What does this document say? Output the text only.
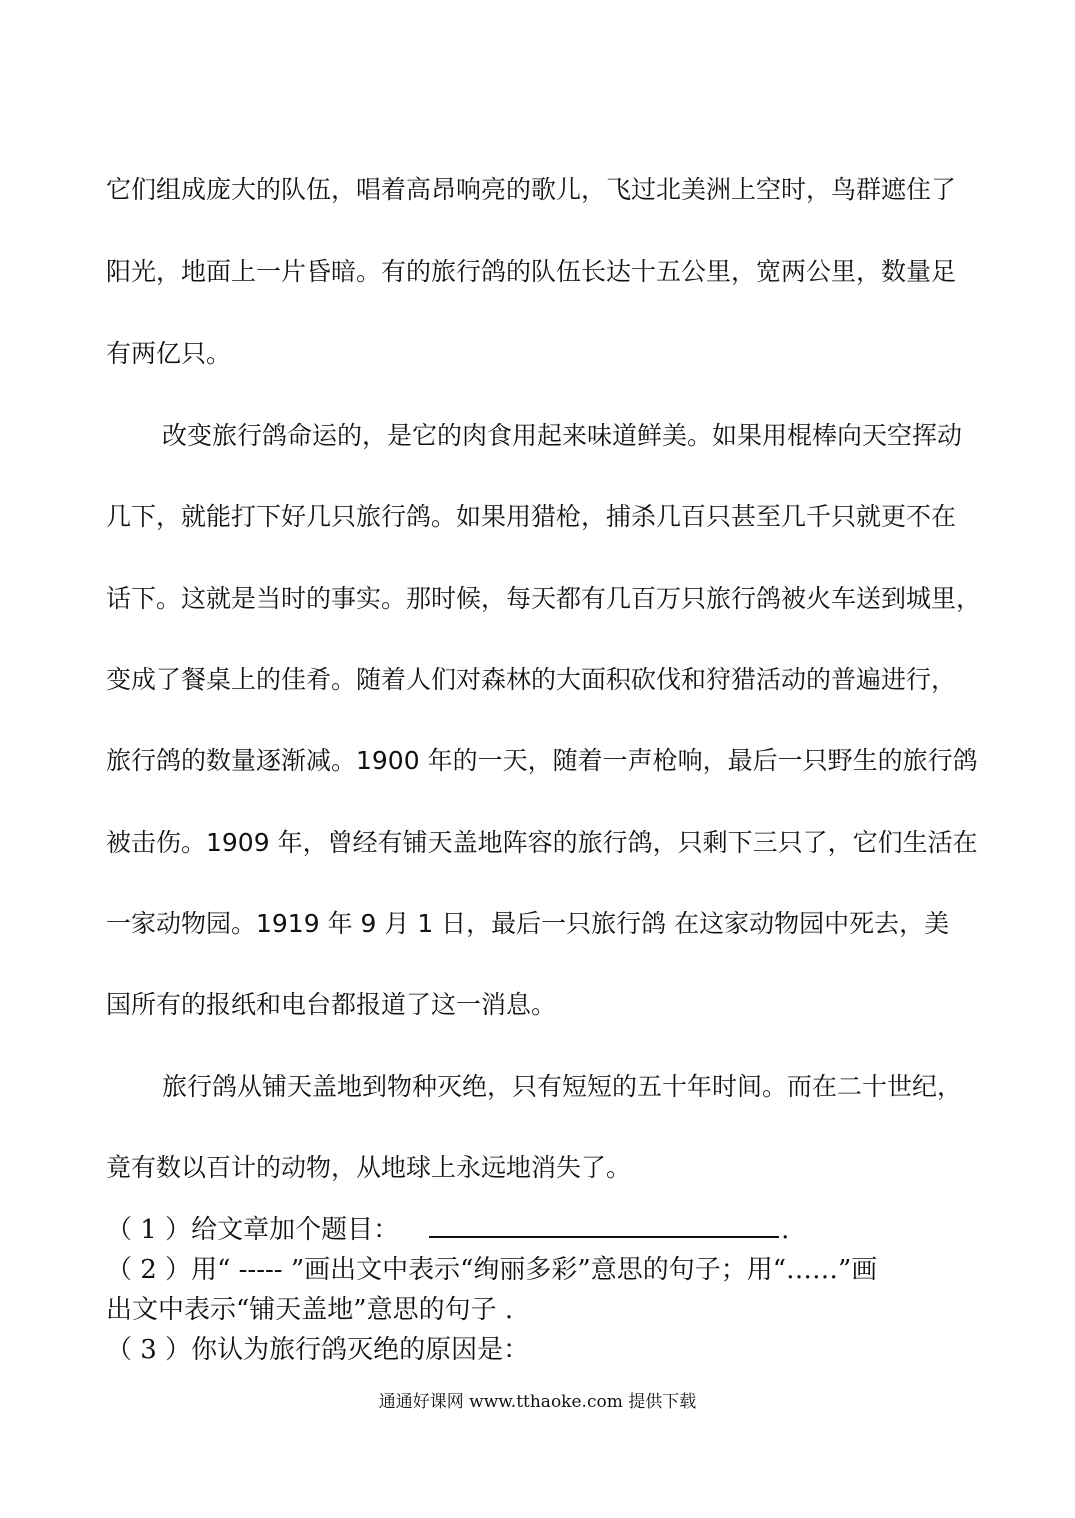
它们组成庞大的队伍，唱着高昂响亮的歌儿，飞过北美洲上空时，鸟群遮住了
阳光，地面上一片昏暗。有的旅行鸽的队伍长达十五公里，宽两公里，数量足
有两亿只。
改变旅行鸽命运的，是它的肉食用起来味道鲜美。如果用棍棒向天空挥动
几下，就能打下好几只旅行鸽。如果用猎枪，捕杀几百只甚至几千只就更不在
话下。这就是当时的事实。那时候，每天都有几百万只旅行鸽被火车送到城里，
变成了餐桌上的佳肴。随着人们对森林的大面积砍伐和狩猎活动的普遍进行，
旅行鸽的数量逐渐减。1900 年的一天，随着一声枪响，最后一只野生的旅行鸽
被击伤。1909 年，曾经有铺天盖地阵容的旅行鸽，只剩下三只了，它们生活在
一家动物园。1919 年 9 月 1 日，最后一只旅行鸽 在这家动物园中死去，美
国所有的报纸和电台都报道了这一消息。
旅行鸽从铺天盖地到物种灭绝，只有短短的五十年时间。而在二十世纪，
竟有数以百计的动物，从地球上永远地消失了。
（ 1 ）给文章加个题目：	.
（ 2 ）用“ ----- ”画出文中表示“绚丽多彩”意思的句子；用“……”画
出文中表示“铺天盖地”意思的句子 .
（ 3 ）你认为旅行鸽灭绝的原因是：
通通好课网 www.tthaoke.com 提供下载
